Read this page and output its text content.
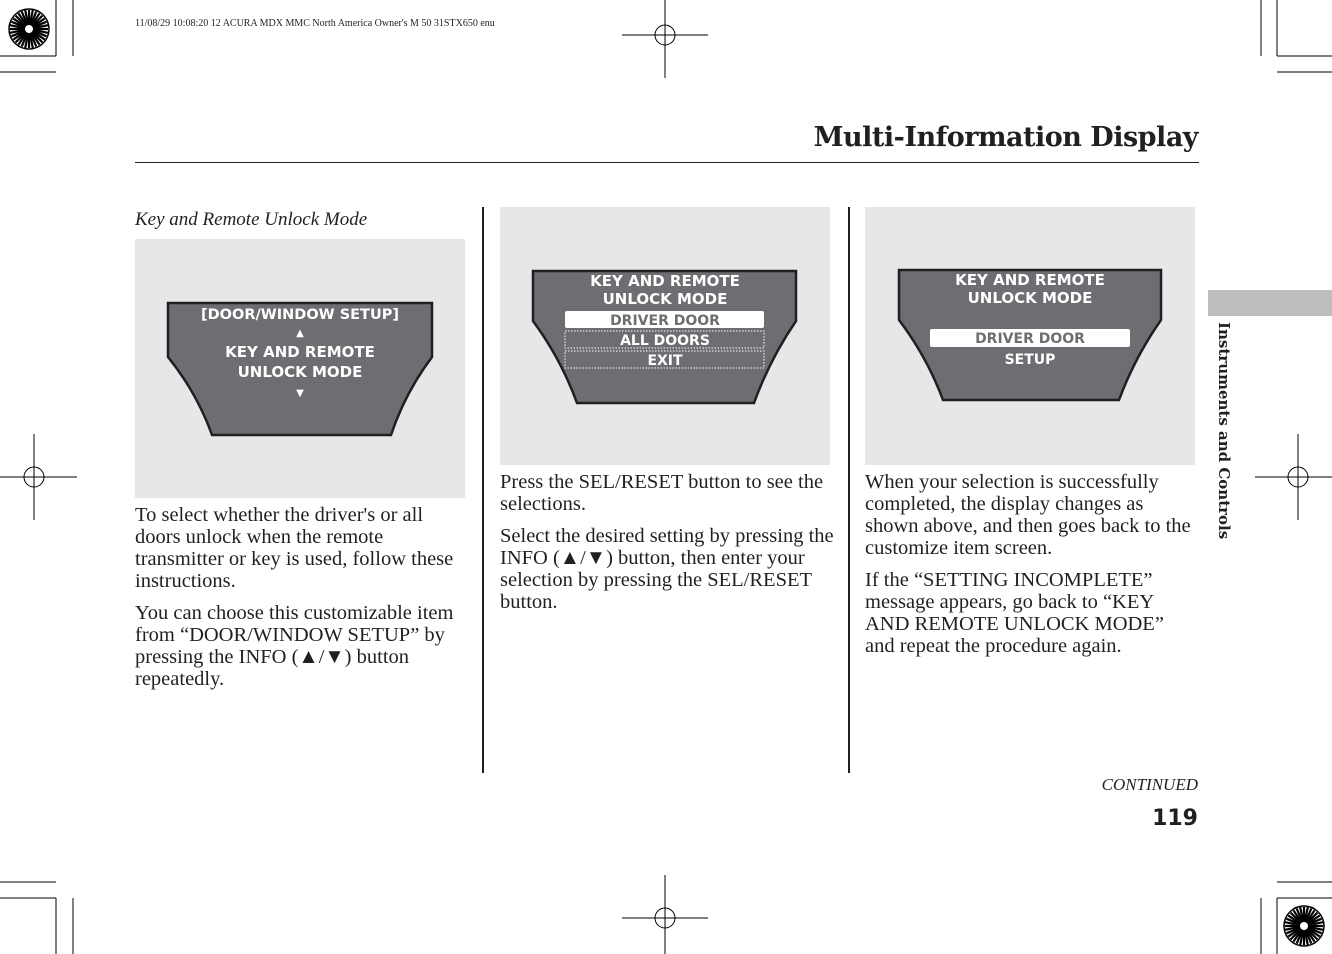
11/08/29 10:08:20 12 ACURA MDX MMC North America Owner's M 50 31STX650 enu
Multi-Information Display
Key and Remote Unlock Mode
[DOOR/WINDOW SETUP]
▲
KEY AND REMOTE
UNLOCK MODE
▼

To select whether the driver's or all doors unlock when the remote transmitter or key is used, follow these instructions.

You can choose this customizable item from “DOOR/WINDOW SETUP” by pressing the INFO (▲/▼) button repeatedly.

KEY AND REMOTE
UNLOCK MODE
DRIVER DOOR
ALL DOORS
EXIT

Press the SEL/RESET button to see the selections.

Select the desired setting by pressing the INFO (▲/▼) button, then enter your selection by pressing the SEL/RESET button.

KEY AND REMOTE
UNLOCK MODE
DRIVER DOOR
SETUP

When your selection is successfully completed, the display changes as shown above, and then goes back to the customize item screen.

If the “SETTING INCOMPLETE” message appears, go back to “KEY AND REMOTE UNLOCK MODE” and repeat the procedure again.

Instruments and Controls
CONTINUED
119
